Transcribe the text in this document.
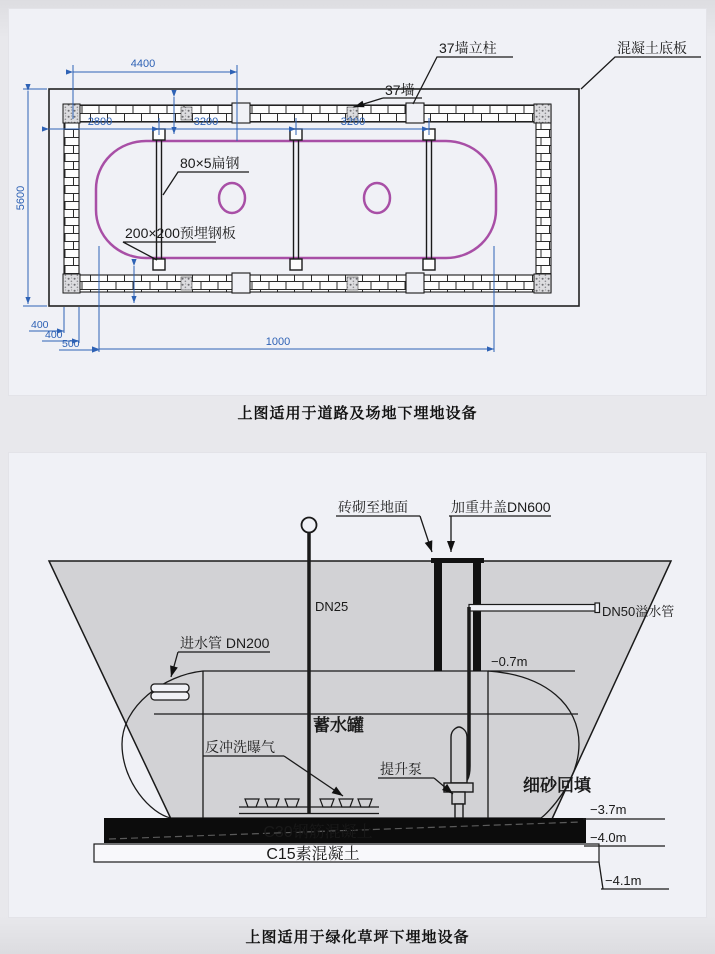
4400
2800	3200	3200
5600
400
400
500	1000
37墙立柱	混凝土底板
37墙
80×5扁钢
200×200预埋钢板
上图适用于道路及场地下埋地设备
C30钢筋混凝土
C15素混凝土
−0.7m
−3.7m
−4.0m
−4.1m
砖砌至地面	加重井盖DN600
DN25	DN50溢水管
进水管 DN200
蓄水罐
反冲洗曝气
提升泵
细砂回填
上图适用于绿化草坪下埋地设备
